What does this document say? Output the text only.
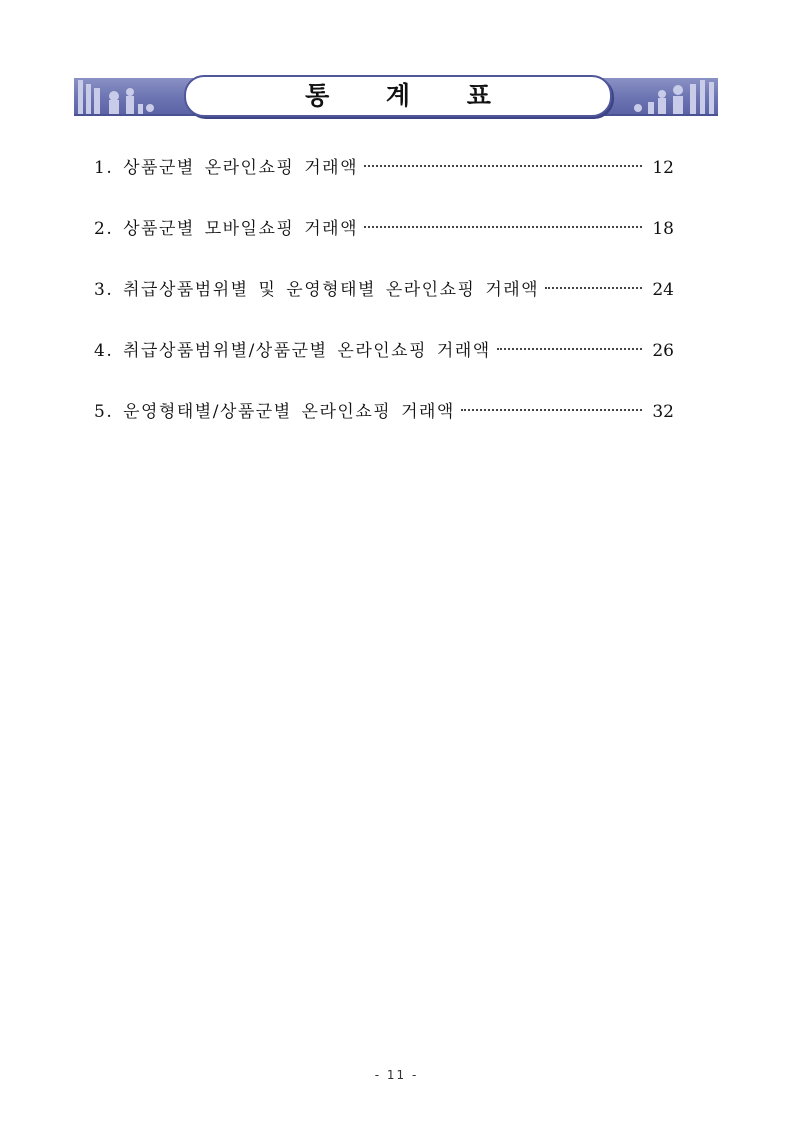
통 계 표
1. 상품군별 온라인쇼핑 거래액	12
2. 상품군별 모바일쇼핑 거래액	18
3. 취급상품범위별 및 운영형태별 온라인쇼핑 거래액	24
4. 취급상품범위별/상품군별 온라인쇼핑 거래액	26
5. 운영형태별/상품군별 온라인쇼핑 거래액	32
- 11 -
